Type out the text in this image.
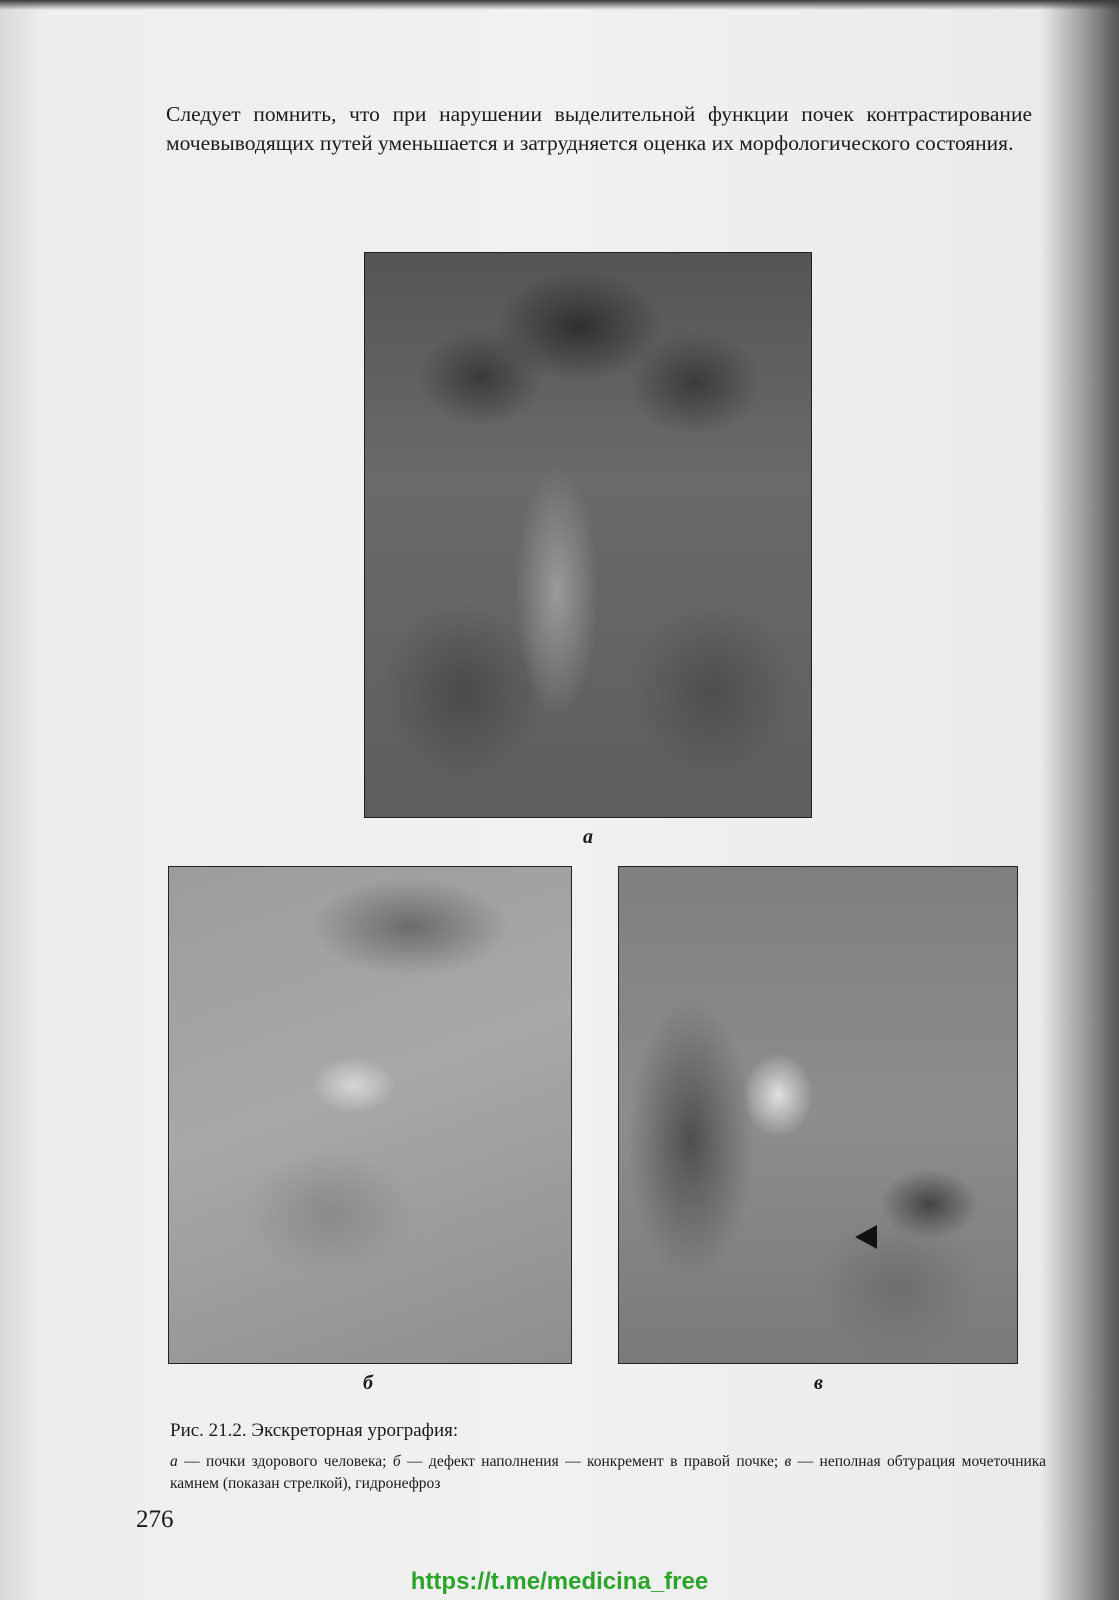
Следует помнить, что при нарушении выделительной функции почек контрастирование мочевыводящих путей уменьшается и затрудняется оценка их морфологического состояния.

а
б	в
Рис. 21.2. Экскреторная урография:
а — почки здорового человека; б — дефект наполнения — конкремент в правой почке; в — неполная обтурация мочеточника камнем (показан стрелкой), гидронефроз
276
https://t.me/medicina_free
